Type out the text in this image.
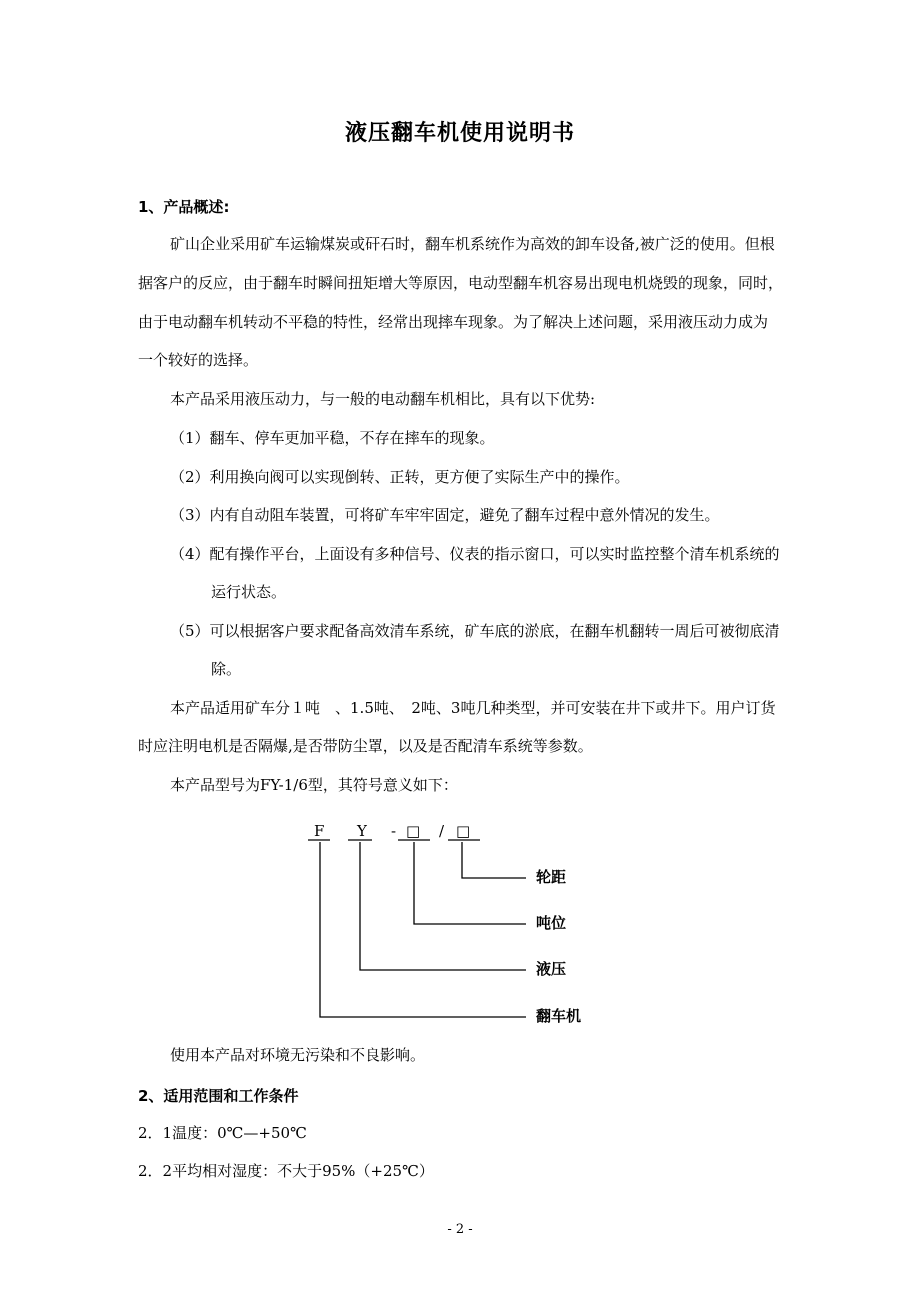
液压翻车机使用说明书
1、产品概述:
矿山企业采用矿车运输煤炭或矸石时，翻车机系统作为高效的卸车设备,被广泛的使用。但根
据客户的反应，由于翻车时瞬间扭矩增大等原因，电动型翻车机容易出现电机烧毁的现象，同时，
由于电动翻车机转动不平稳的特性，经常出现摔车现象。为了解决上述问题，采用液压动力成为
一个较好的选择。
本产品采用液压动力，与一般的电动翻车机相比，具有以下优势:
（1）翻车、停车更加平稳，不存在摔车的现象。
（2）利用换向阀可以实现倒转、正转，更方便了实际生产中的操作。
（3）内有自动阻车装置，可将矿车牢牢固定，避免了翻车过程中意外情况的发生。
（4）配有操作平台，上面设有多种信号、仪表的指示窗口，可以实时监控整个清车机系统的
运行状态。
（5）可以根据客户要求配备高效清车系统，矿车底的淤底，在翻车机翻转一周后可被彻底清
除。
本产品适用矿车分１吨　、1.5吨、　2吨、3吨几种类型，并可安装在井下或井下。用户订货
时应注明电机是否隔爆,是否带防尘罩，以及是否配清车系统等参数。
本产品型号为FY-1/6型，其符号意义如下：
F Y - □ / □
轮距
吨位
液压
翻车机
使用本产品对环境无污染和不良影响。
2、适用范围和工作条件
2．1温度：0℃—+50℃
2．2平均相对湿度：不大于95%（+25℃）
- 2 -
